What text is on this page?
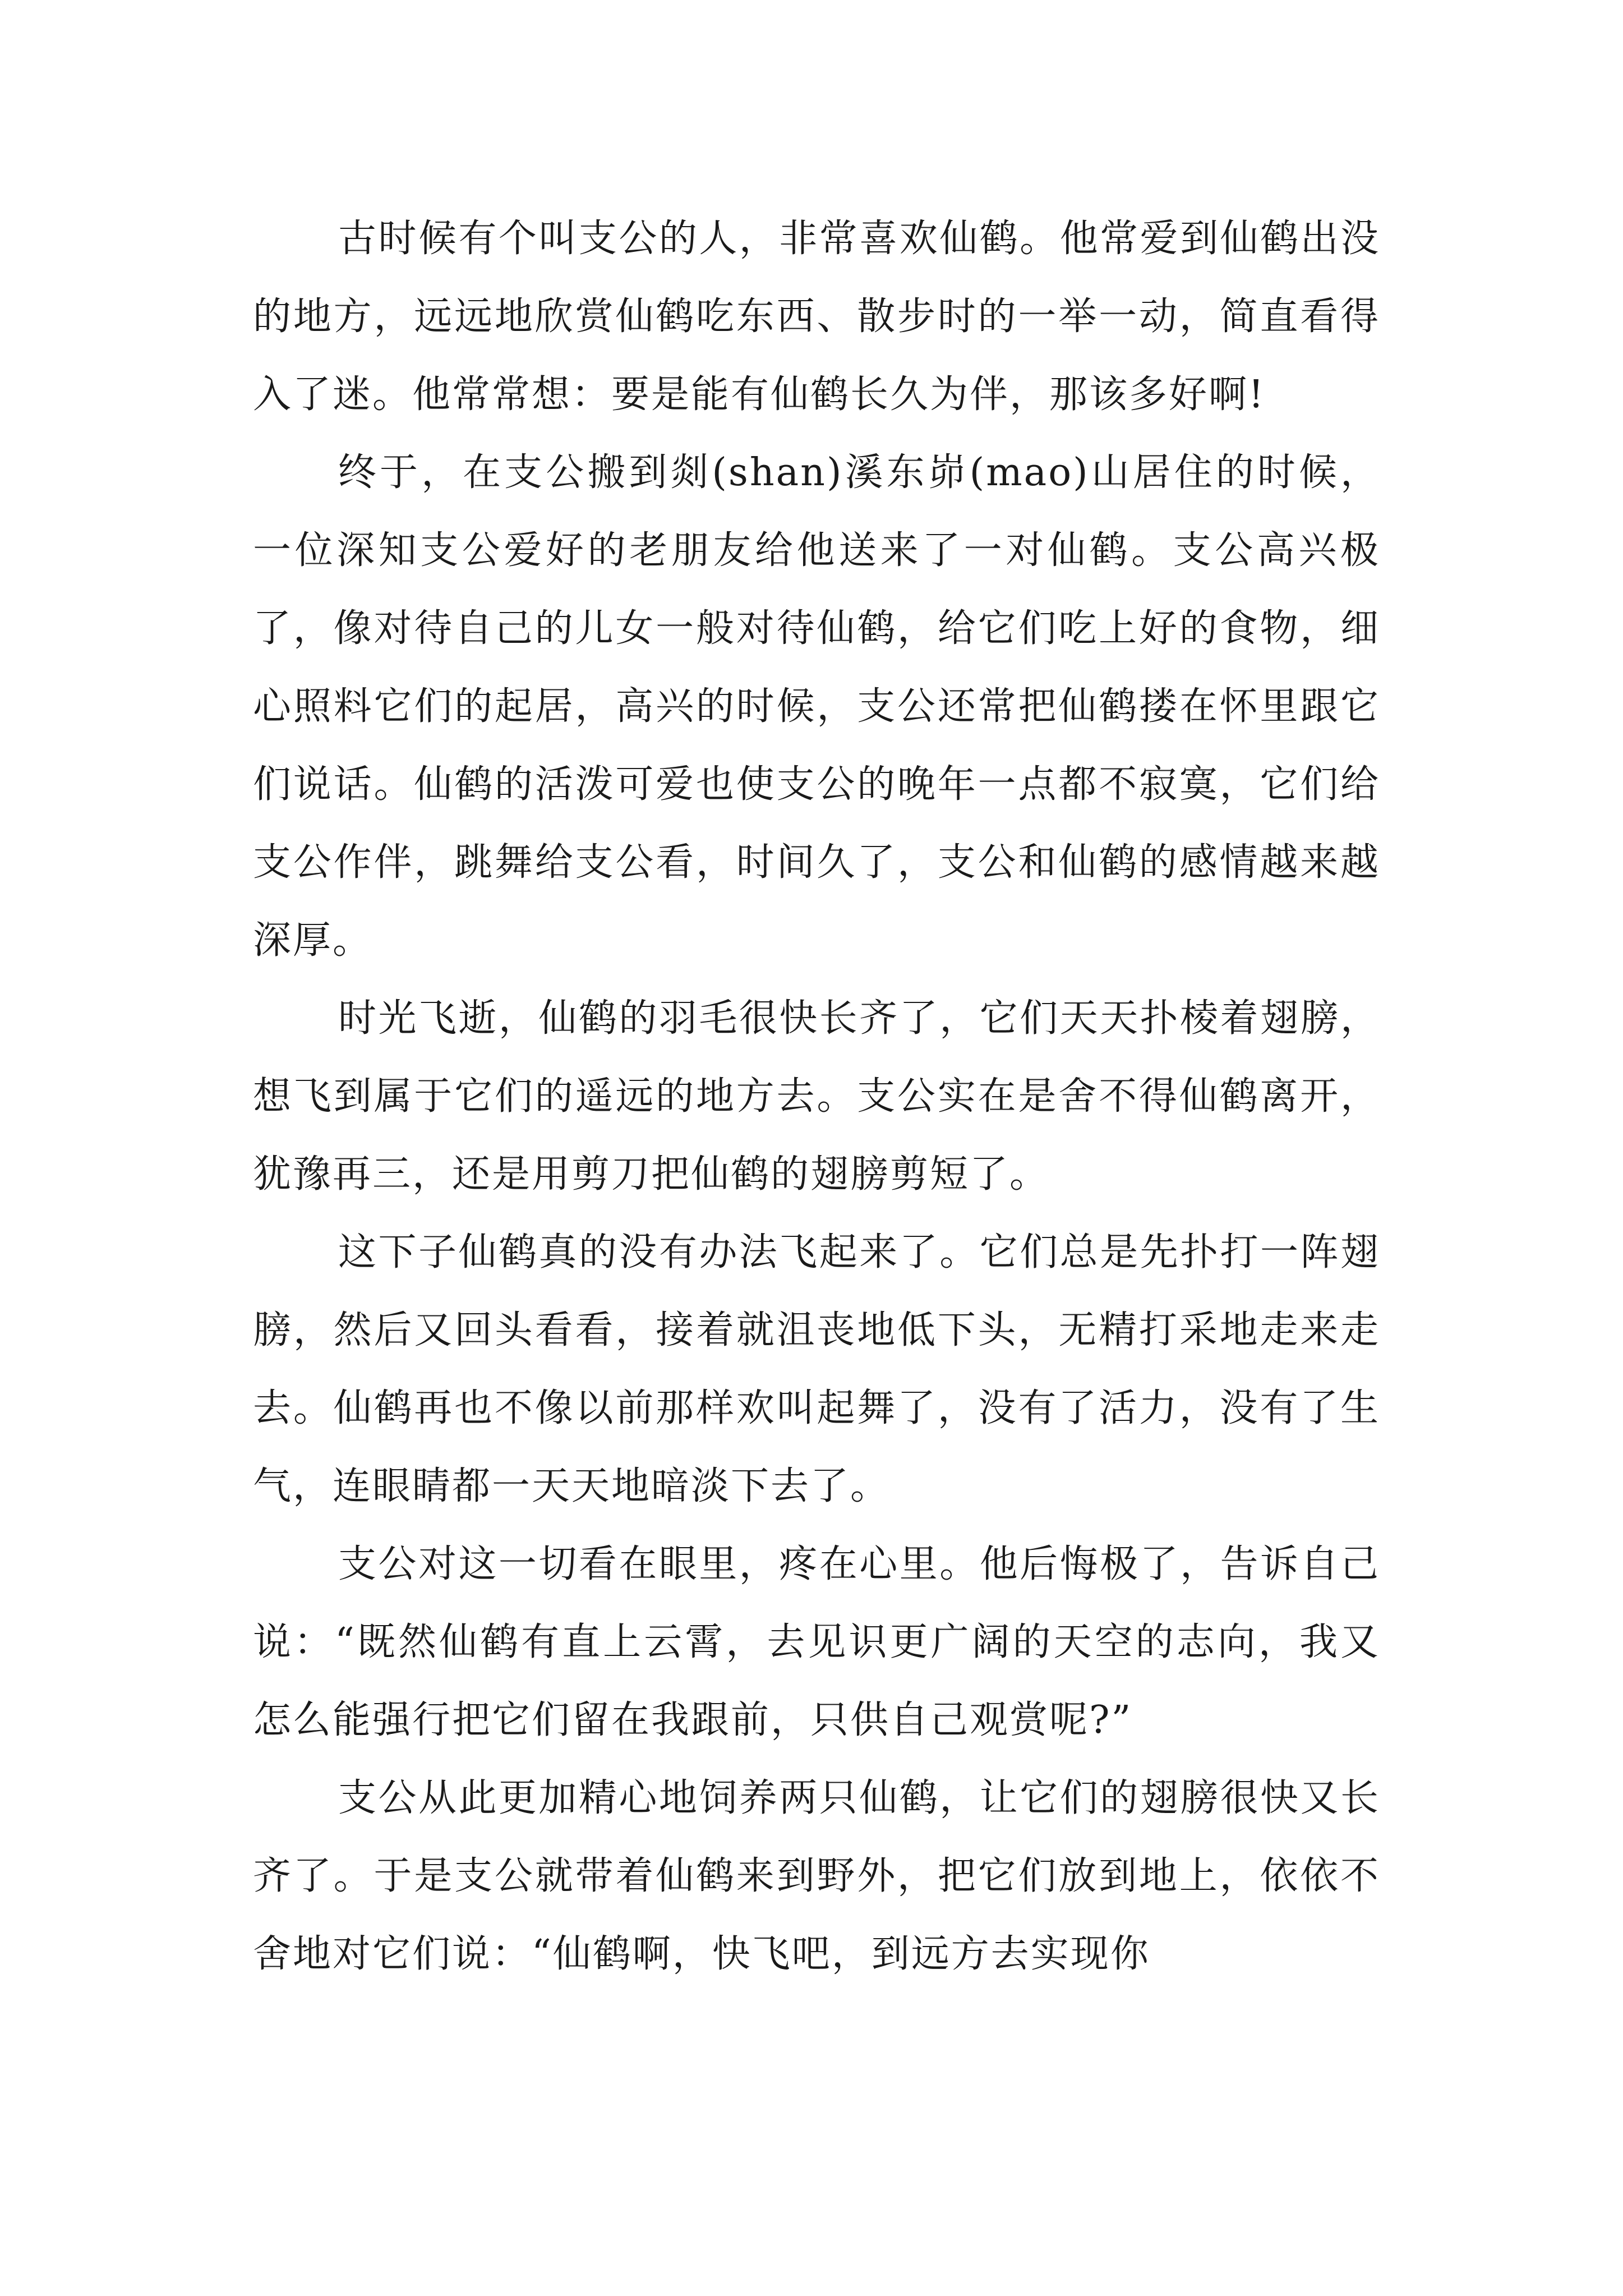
古时候有个叫支公的人，非常喜欢仙鹤。他常爱到仙鹤出没的地方，远远地欣赏仙鹤吃东西、散步时的一举一动，简直看得入了迷。他常常想：要是能有仙鹤长久为伴，那该多好啊!

终于，在支公搬到剡(shan)溪东峁(mao)山居住的时候，一位深知支公爱好的老朋友给他送来了一对仙鹤。支公高兴极了，像对待自己的儿女一般对待仙鹤，给它们吃上好的食物，细心照料它们的起居，高兴的时候，支公还常把仙鹤搂在怀里跟它们说话。仙鹤的活泼可爱也使支公的晚年一点都不寂寞，它们给支公作伴，跳舞给支公看，时间久了，支公和仙鹤的感情越来越深厚。

时光飞逝，仙鹤的羽毛很快长齐了，它们天天扑棱着翅膀，想飞到属于它们的遥远的地方去。支公实在是舍不得仙鹤离开，犹豫再三，还是用剪刀把仙鹤的翅膀剪短了。

这下子仙鹤真的没有办法飞起来了。它们总是先扑打一阵翅膀，然后又回头看看，接着就沮丧地低下头，无精打采地走来走去。仙鹤再也不像以前那样欢叫起舞了，没有了活力，没有了生气，连眼睛都一天天地暗淡下去了。

支公对这一切看在眼里，疼在心里。他后悔极了，告诉自己说：“既然仙鹤有直上云霄，去见识更广阔的天空的志向，我又怎么能强行把它们留在我跟前，只供自己观赏呢?”

支公从此更加精心地饲养两只仙鹤，让它们的翅膀很快又长齐了。于是支公就带着仙鹤来到野外，把它们放到地上，依依不舍地对它们说：“仙鹤啊，快飞吧，到远方去实现你
